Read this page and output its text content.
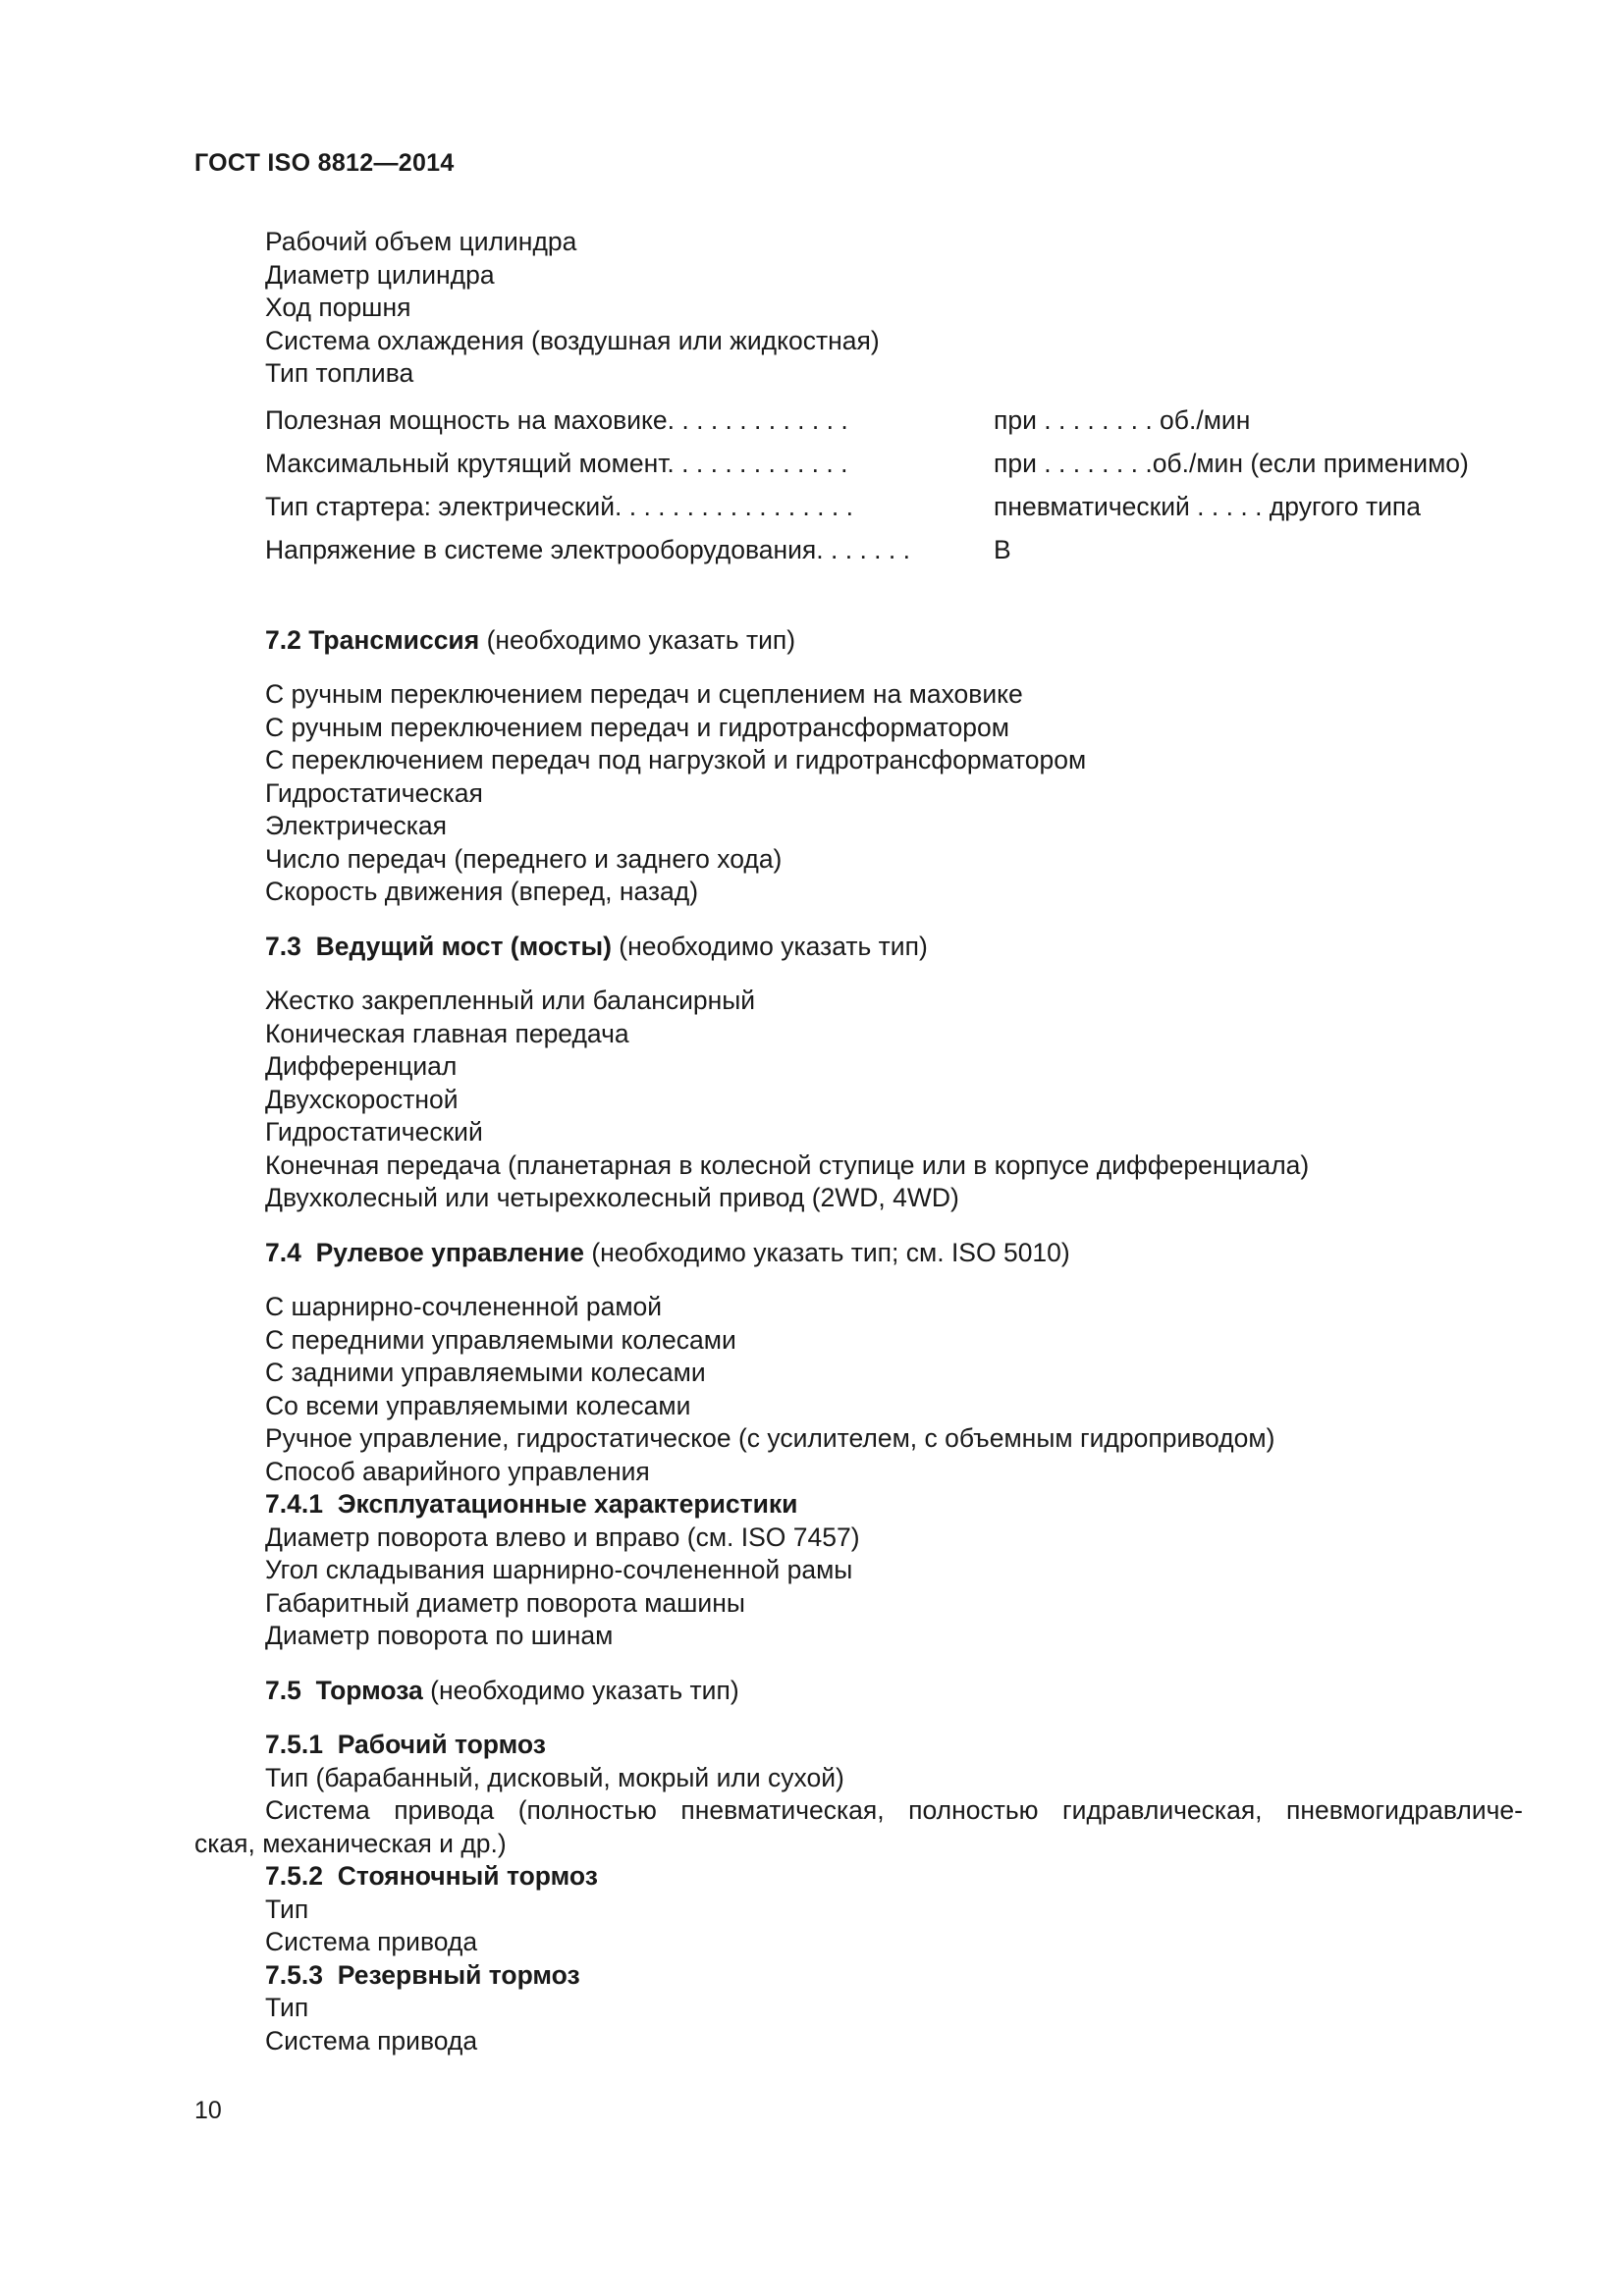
ГОСТ ISO 8812—2014
Рабочий объем цилиндра
Диаметр цилиндра
Ход поршня
Система охлаждения (воздушная или жидкостная)
Тип топлива
Полезная мощность на маховике. . . . . . . . . . . . .	при . . . . . . . . об./мин
Максимальный крутящий момент. . . . . . . . . . . . .	при . . . . . . . .об./мин (если применимо)
Тип стартера: электрический. . . . . . . . . . . . . . . . .	пневматический . . . . . другого типа
Напряжение в системе электрооборудования. . . . . . .	В
7.2 Трансмиссия (необходимо указать тип)
С ручным переключением передач и сцеплением на маховике
С ручным переключением передач и гидротрансформатором
С переключением передач под нагрузкой и гидротрансформатором
Гидростатическая
Электрическая
Число передач (переднего и заднего хода)
Скорость движения (вперед, назад)
7.3 Ведущий мост (мосты) (необходимо указать тип)
Жестко закрепленный или балансирный
Коническая главная передача
Дифференциал
Двухскоростной
Гидростатический
Конечная передача (планетарная в колесной ступице или в корпусе дифференциала)
Двухколесный или четырехколесный привод (2WD, 4WD)
7.4 Рулевое управление (необходимо указать тип; см. ISO 5010)
С шарнирно-сочлененной рамой
С передними управляемыми колесами
С задними управляемыми колесами
Со всеми управляемыми колесами
Ручное управление, гидростатическое (с усилителем, с объемным гидроприводом)
Способ аварийного управления
7.4.1 Эксплуатационные характеристики
Диаметр поворота влево и вправо (см. ISO 7457)
Угол складывания шарнирно-сочлененной рамы
Габаритный диаметр поворота машины
Диаметр поворота по шинам
7.5 Тормоза (необходимо указать тип)
7.5.1 Рабочий тормоз
Тип (барабанный, дисковый, мокрый или сухой)
Система привода (полностью пневматическая, полностью гидравлическая, пневмогидравличе-
ская, механическая и др.)
7.5.2 Стояночный тормоз
Тип
Система привода
7.5.3 Резервный тормоз
Тип
Система привода
10
